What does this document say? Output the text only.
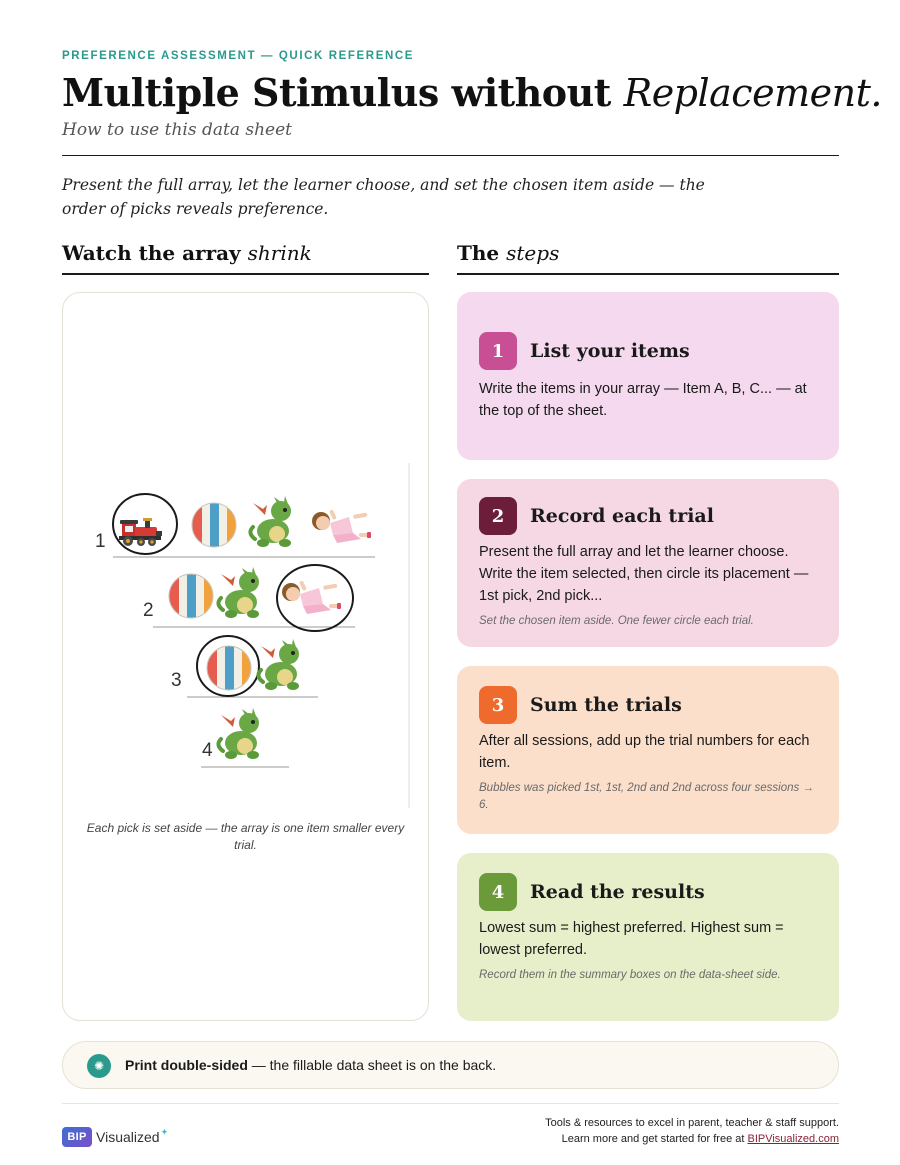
PREFERENCE ASSESSMENT — QUICK REFERENCE
Multiple Stimulus without Replacement.
How to use this data sheet

Present the full array, let the learner choose, and set the chosen item aside — the order of picks reveals preference.

Watch the array shrink	The steps
1
2
3
4

Each pick is set aside — the array is one item smaller every trial.

1	List your items
Write the items in your array — Item A, B, C... — at the top of the sheet.
2	Record each trial
Present the full array and let the learner choose. Write the item selected, then circle its placement — 1st pick, 2nd pick...
Set the chosen item aside. One fewer circle each trial.
3	Sum the trials
After all sessions, add up the trial numbers for each item.
Bubbles was picked 1st, 1st, 2nd and 2nd across four sessions → 6.
4	Read the results
Lowest sum = highest preferred. Highest sum = lowest preferred.
Record them in the summary boxes on the data-sheet side.
✺	Print double-sided — the fillable data sheet is on the back.
BIP Visualized ✦
Tools & resources to excel in parent, teacher & staff support.
Learn more and get started for free at BIPVisualized.com
